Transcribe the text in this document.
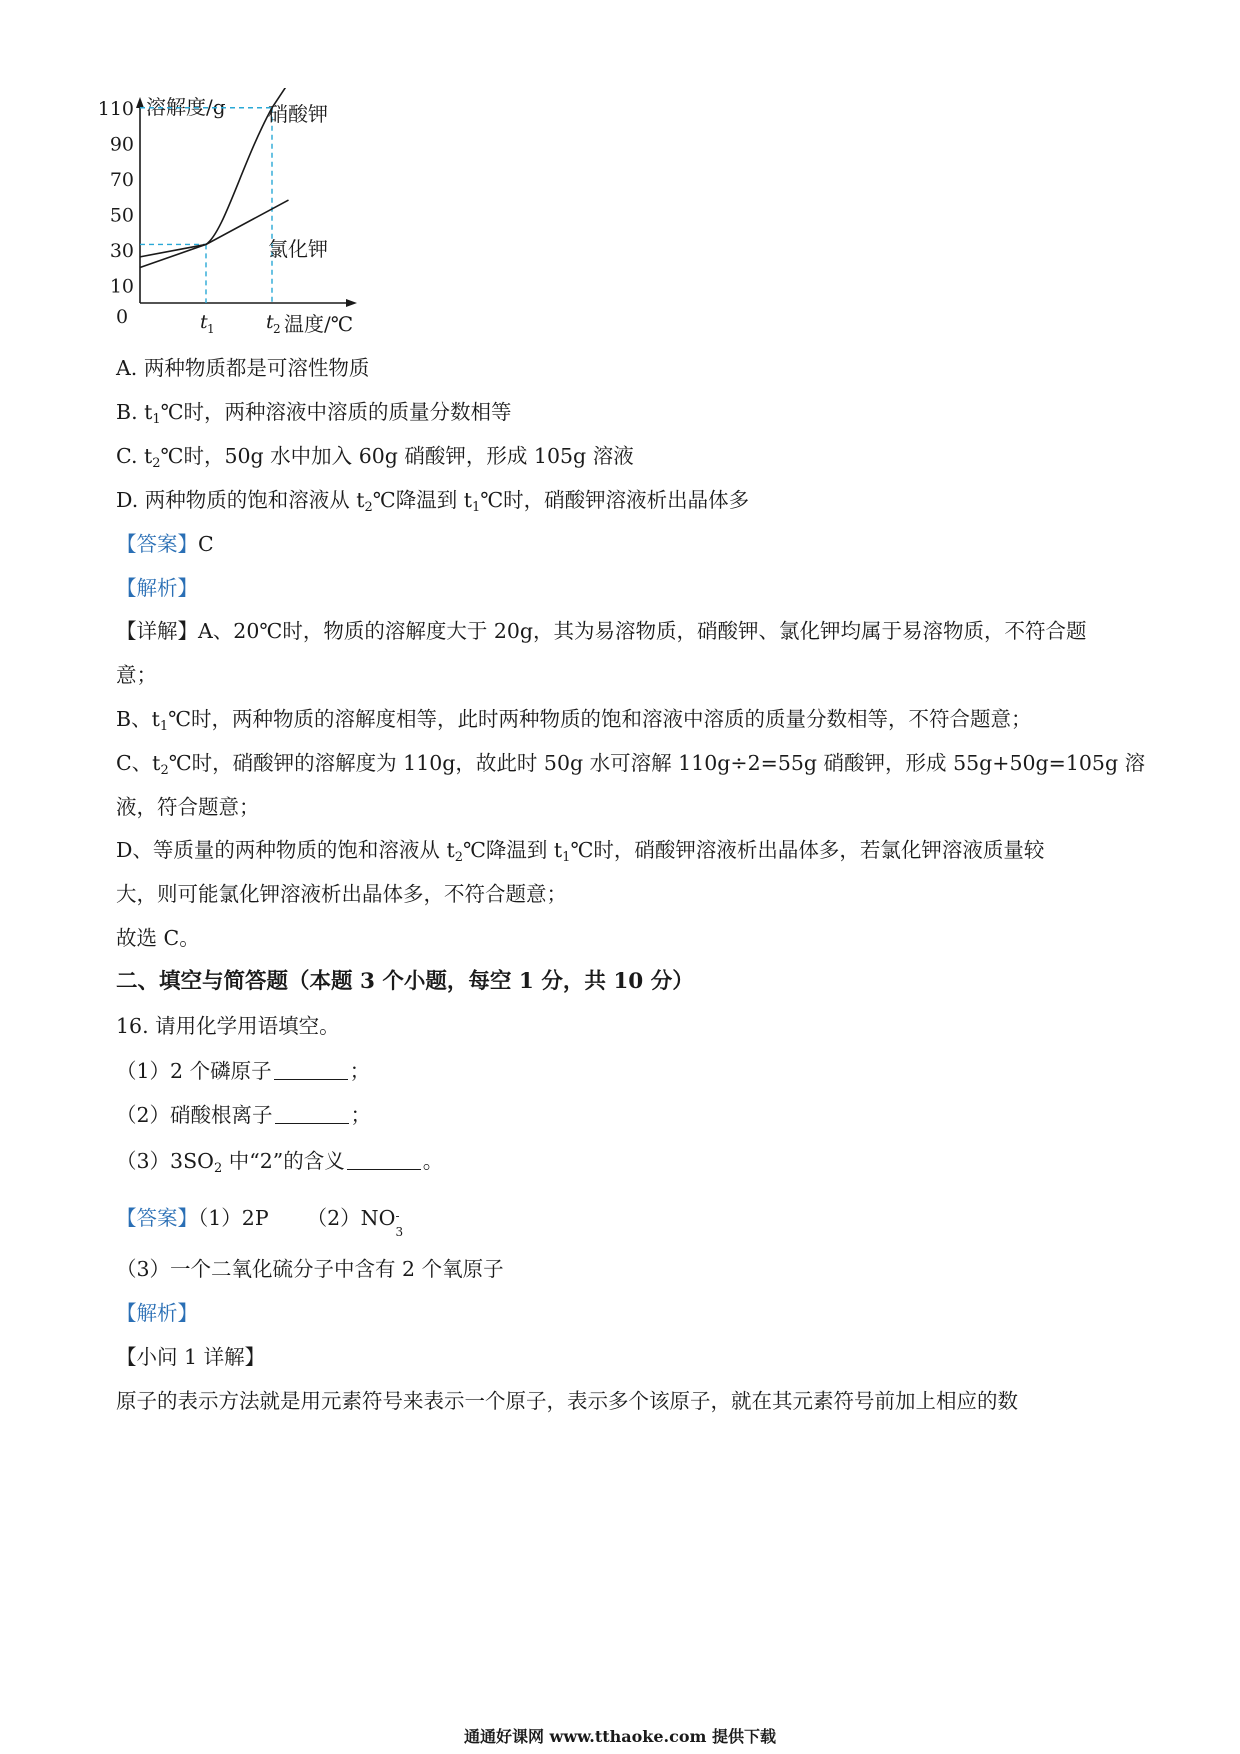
溶解度/g
温度/℃
0
10
30
50
70
90
110
t 1	t 2
硝酸钾
氯化钾
A. 两种物质都是可溶性物质
B. $t_1℃$时，两种溶液中溶质的质量分数相等
C. $t_2℃$时，50g 水中加入 60g 硝酸钾，形成 105g 溶液
D. 两种物质的饱和溶液从 $t_2℃$降温到 $t_1℃$时，硝酸钾溶液析出晶体多
【答案】C
【解析】
【详解】A、20℃时，物质的溶解度大于 20g，其为易溶物质，硝酸钾、氯化钾均属于易溶物质，不符合题
意；
B、$t_1℃$时，两种物质的溶解度相等，此时两种物质的饱和溶液中溶质的质量分数相等，不符合题意；
C、$t_2℃$时，硝酸钾的溶解度为 110g，故此时 50g 水可溶解 110g÷2=55g 硝酸钾，形成 55g+50g=105g 溶
液，符合题意；
D、等质量的两种物质的饱和溶液从 $t_2℃$降温到 $t_1℃$时，硝酸钾溶液析出晶体多，若氯化钾溶液质量较
大，则可能氯化钾溶液析出晶体多，不符合题意；
故选 C。
二、填空与简答题（本题 3 个小题，每空 1 分，共 10 分）
16. 请用化学用语填空。
（1）2 个磷原子	；
（2）硝酸根离子	；
$(3)3SO_2$ 中“2”的含义	。
【答案】（1）2P （2）NO -
3
（3）一个二氧化硫分子中含有 2 个氧原子
【解析】
【小问 1 详解】
原子的表示方法就是用元素符号来表示一个原子，表示多个该原子，就在其元素符号前加上相应的数
通通好课网 www.tthaoke.com 提供下载
